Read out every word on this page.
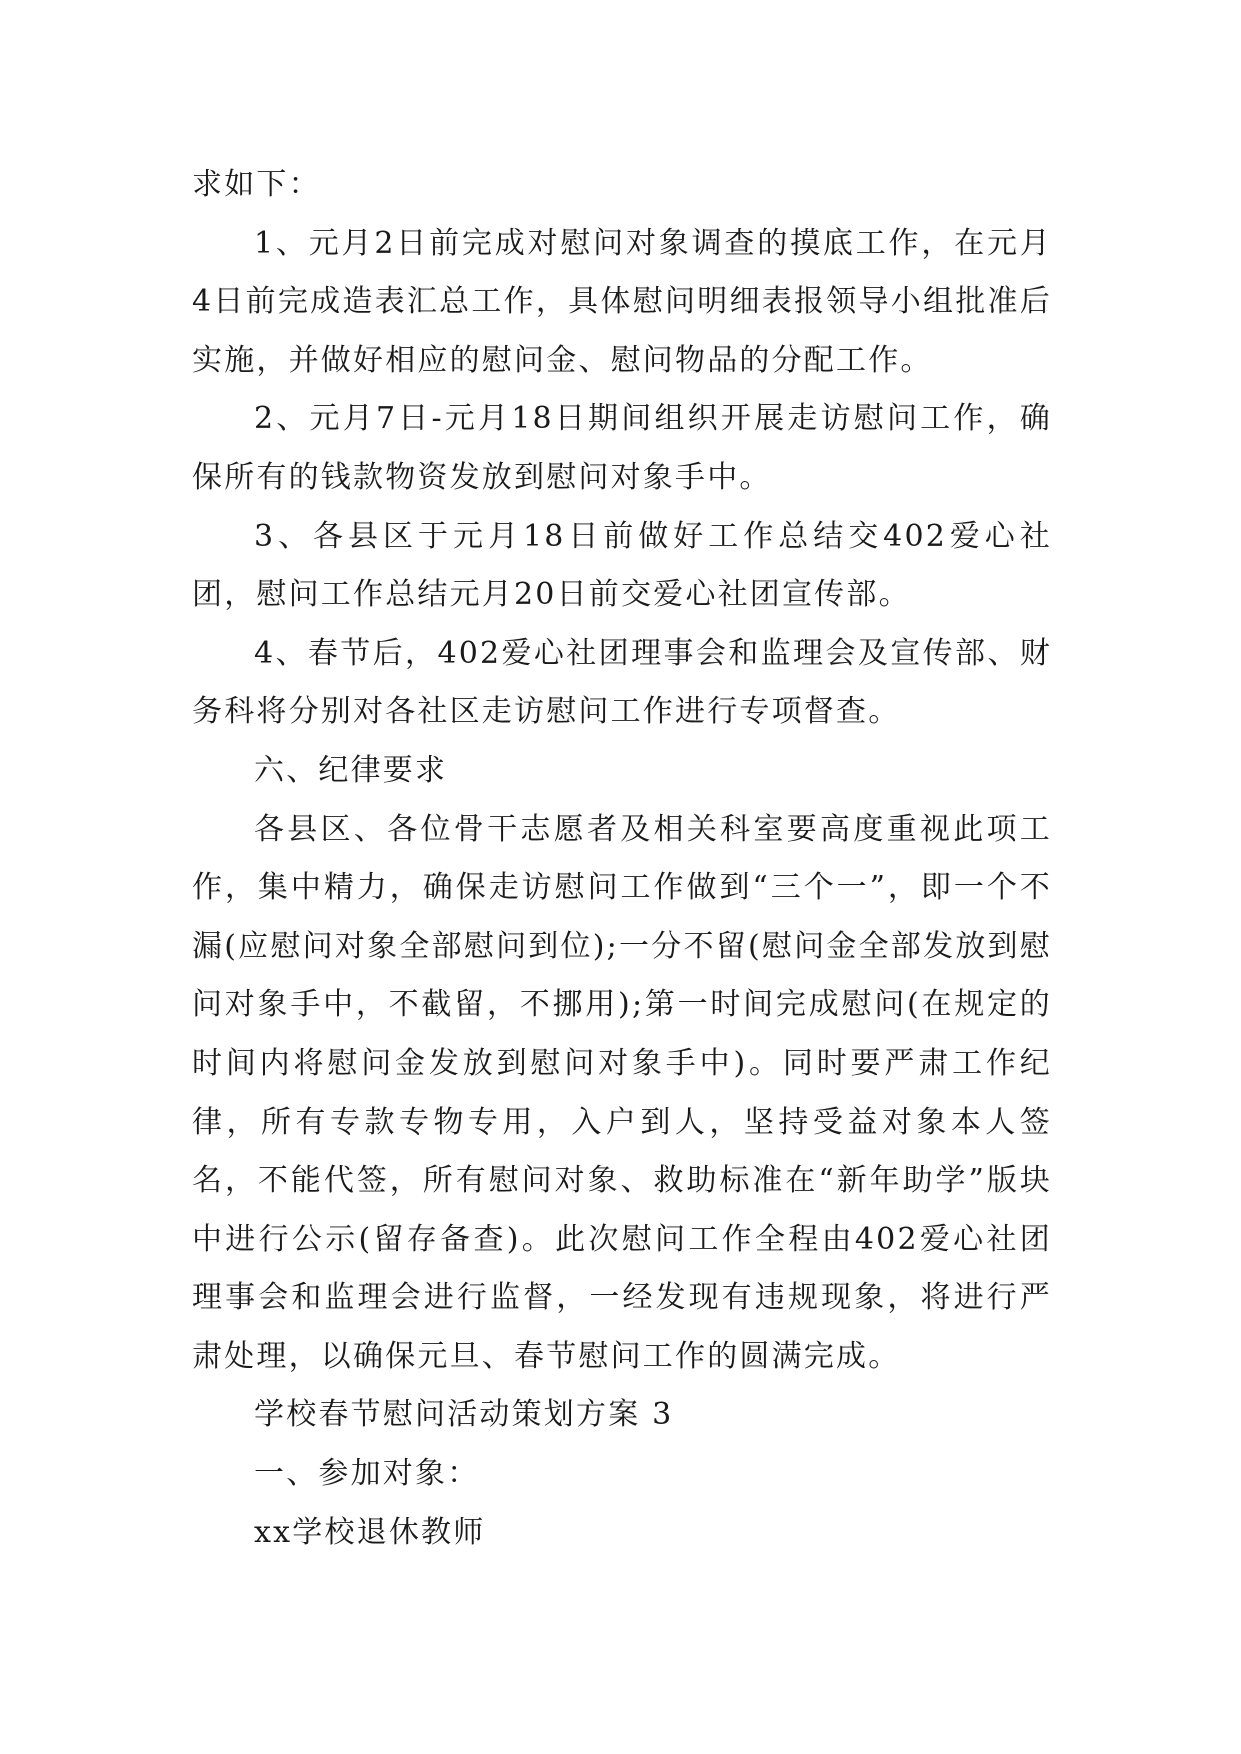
求如下：

1、元月2日前完成对慰问对象调查的摸底工作，在元月4日前完成造表汇总工作，具体慰问明细表报领导小组批准后实施，并做好相应的慰问金、慰问物品的分配工作。

2、元月7日-元月18日期间组织开展走访慰问工作，确保所有的钱款物资发放到慰问对象手中。

3、各县区于元月18日前做好工作总结交402爱心社团，慰问工作总结元月20日前交爱心社团宣传部。

4、春节后，402爱心社团理事会和监理会及宣传部、财务科将分别对各社区走访慰问工作进行专项督查。

六、纪律要求

各县区、各位骨干志愿者及相关科室要高度重视此项工作，集中精力，确保走访慰问工作做到“三个一”，即一个不漏(应慰问对象全部慰问到位);一分不留(慰问金全部发放到慰问对象手中，不截留，不挪用);第一时间完成慰问(在规定的时间内将慰问金发放到慰问对象手中)。同时要严肃工作纪律，所有专款专物专用，入户到人，坚持受益对象本人签名，不能代签，所有慰问对象、救助标准在“新年助学”版块中进行公示(留存备查)。此次慰问工作全程由402爱心社团理事会和监理会进行监督，一经发现有违规现象，将进行严肃处理，以确保元旦、春节慰问工作的圆满完成。

学校春节慰问活动策划方案 3

一、参加对象：

xx学校退休教师
